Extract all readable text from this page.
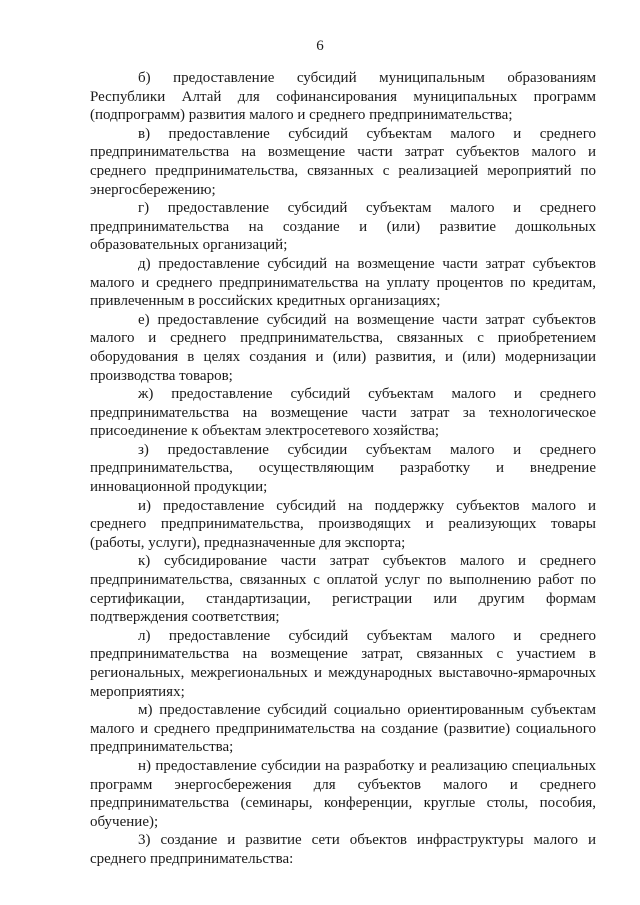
6

б) предоставление субсидий муниципальным образованиям Республики Алтай для софинансирования муниципальных программ (подпрограмм) развития малого и среднего предпринимательства;

в) предоставление субсидий субъектам малого и среднего предпринимательства на возмещение части затрат субъектов малого и среднего предпринимательства, связанных с реализацией мероприятий по энергосбережению;

г) предоставление субсидий субъектам малого и среднего предпринимательства на создание и (или) развитие дошкольных образовательных организаций;

д) предоставление субсидий на возмещение части затрат субъектов малого и среднего предпринимательства на уплату процентов по кредитам, привлеченным в российских кредитных организациях;

е) предоставление субсидий на возмещение части затрат субъектов малого и среднего предпринимательства, связанных с приобретением оборудования в целях создания и (или) развития, и (или) модернизации производства товаров;

ж) предоставление субсидий субъектам малого и среднего предпринимательства на возмещение части затрат за технологическое присоединение к объектам электросетевого хозяйства;

з) предоставление субсидии субъектам малого и среднего предпринимательства, осуществляющим разработку и внедрение инновационной продукции;

и) предоставление субсидий на поддержку субъектов малого и среднего предпринимательства, производящих и реализующих товары (работы, услуги), предназначенные для экспорта;

к) субсидирование части затрат субъектов малого и среднего предпринимательства, связанных с оплатой услуг по выполнению работ по сертификации, стандартизации, регистрации или другим формам подтверждения соответствия;

л) предоставление субсидий субъектам малого и среднего предпринимательства на возмещение затрат, связанных с участием в региональных, межрегиональных и международных выставочно-ярмарочных мероприятиях;

м) предоставление субсидий социально ориентированным субъектам малого и среднего предпринимательства на создание (развитие) социального предпринимательства;

н) предоставление субсидии на разработку и реализацию специальных программ энергосбережения для субъектов малого и среднего предпринимательства (семинары, конференции, круглые столы, пособия, обучение);

3) создание и развитие сети объектов инфраструктуры малого и среднего предпринимательства:
